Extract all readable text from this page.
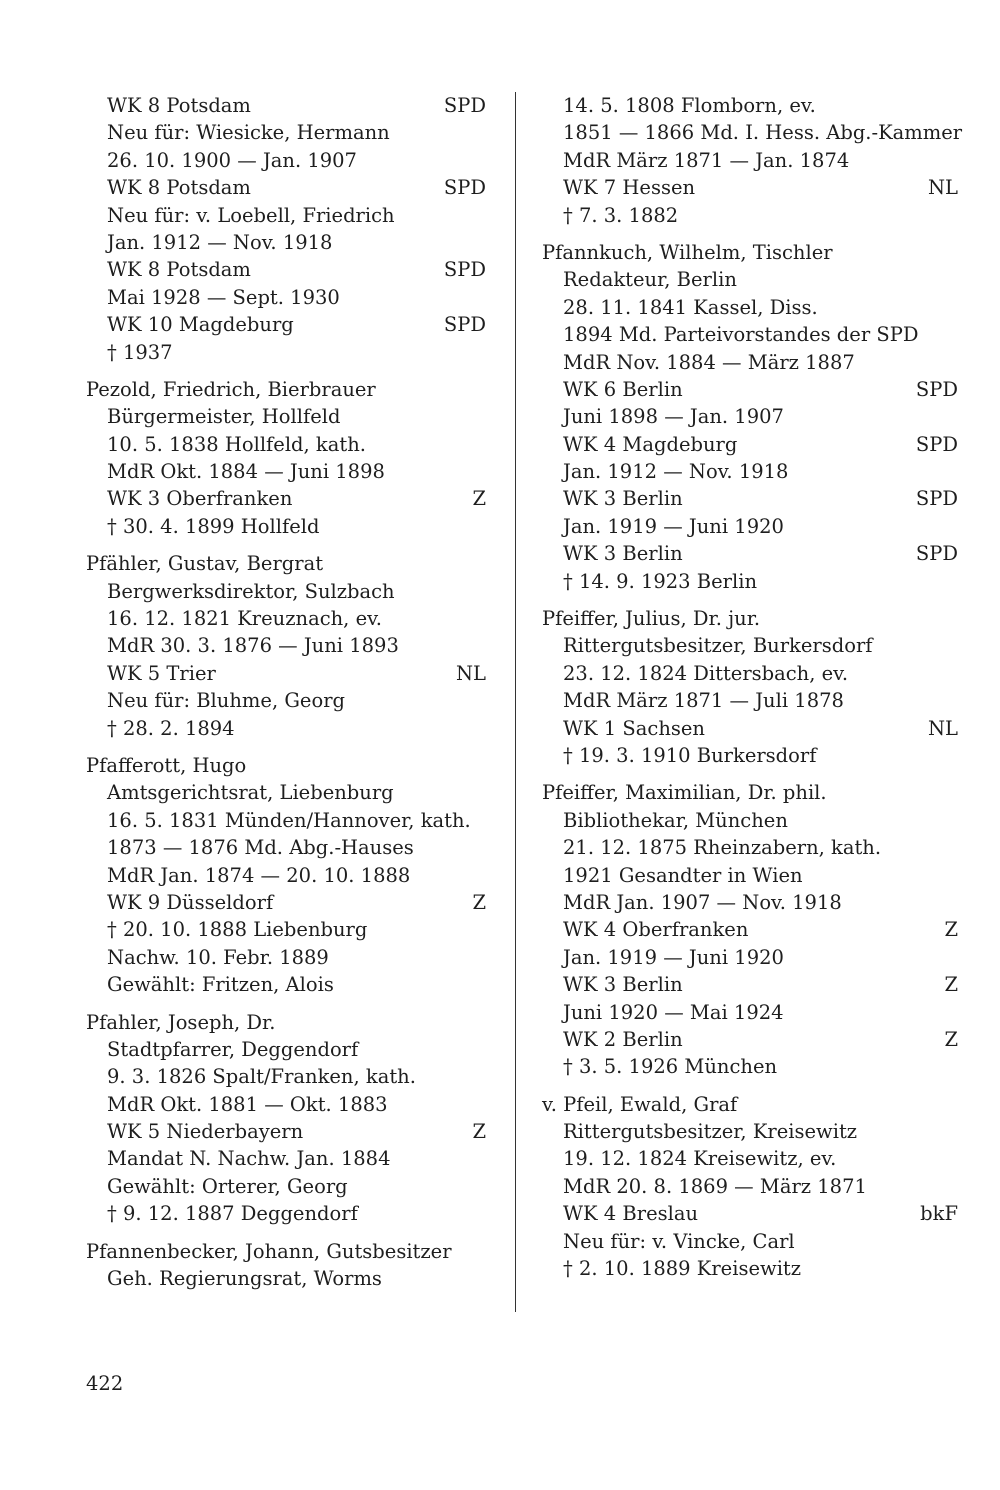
WK 8 Potsdam	SPD
Neu für: Wiesicke, Hermann
26. 10. 1900 — Jan. 1907
WK 8 Potsdam	SPD
Neu für: v. Loebell, Friedrich
Jan. 1912 — Nov. 1918
WK 8 Potsdam	SPD
Mai 1928 — Sept. 1930
WK 10 Magdeburg	SPD
† 1937
Pezold, Friedrich, Bierbrauer
Bürgermeister, Hollfeld
10. 5. 1838 Hollfeld, kath.
MdR Okt. 1884 — Juni 1898
WK 3 Oberfranken	Z
† 30. 4. 1899 Hollfeld
Pfähler, Gustav, Bergrat
Bergwerksdirektor, Sulzbach
16. 12. 1821 Kreuznach, ev.
MdR 30. 3. 1876 — Juni 1893
WK 5 Trier	NL
Neu für: Bluhme, Georg
† 28. 2. 1894
Pfafferott, Hugo
Amtsgerichtsrat, Liebenburg
16. 5. 1831 Münden/Hannover, kath.
1873 — 1876 Md. Abg.-Hauses
MdR Jan. 1874 — 20. 10. 1888
WK 9 Düsseldorf	Z
† 20. 10. 1888 Liebenburg
Nachw. 10. Febr. 1889
Gewählt: Fritzen, Alois
Pfahler, Joseph, Dr.
Stadtpfarrer, Deggendorf
9. 3. 1826 Spalt/Franken, kath.
MdR Okt. 1881 — Okt. 1883
WK 5 Niederbayern	Z
Mandat N. Nachw. Jan. 1884
Gewählt: Orterer, Georg
† 9. 12. 1887 Deggendorf
Pfannenbecker, Johann, Gutsbesitzer
Geh. Regierungsrat, Worms
14. 5. 1808 Flomborn, ev.
1851 — 1866 Md. I. Hess. Abg.-Kammer
MdR März 1871 — Jan. 1874
WK 7 Hessen	NL
† 7. 3. 1882
Pfannkuch, Wilhelm, Tischler
Redakteur, Berlin
28. 11. 1841 Kassel, Diss.
1894 Md. Parteivorstandes der SPD
MdR Nov. 1884 — März 1887
WK 6 Berlin	SPD
Juni 1898 — Jan. 1907
WK 4 Magdeburg	SPD
Jan. 1912 — Nov. 1918
WK 3 Berlin	SPD
Jan. 1919 — Juni 1920
WK 3 Berlin	SPD
† 14. 9. 1923 Berlin
Pfeiffer, Julius, Dr. jur.
Rittergutsbesitzer, Burkersdorf
23. 12. 1824 Dittersbach, ev.
MdR März 1871 — Juli 1878
WK 1 Sachsen	NL
† 19. 3. 1910 Burkersdorf
Pfeiffer, Maximilian, Dr. phil.
Bibliothekar, München
21. 12. 1875 Rheinzabern, kath.
1921 Gesandter in Wien
MdR Jan. 1907 — Nov. 1918
WK 4 Oberfranken	Z
Jan. 1919 — Juni 1920
WK 3 Berlin	Z
Juni 1920 — Mai 1924
WK 2 Berlin	Z
† 3. 5. 1926 München
v. Pfeil, Ewald, Graf
Rittergutsbesitzer, Kreisewitz
19. 12. 1824 Kreisewitz, ev.
MdR 20. 8. 1869 — März 1871
WK 4 Breslau	bkF
Neu für: v. Vincke, Carl
† 2. 10. 1889 Kreisewitz
422
